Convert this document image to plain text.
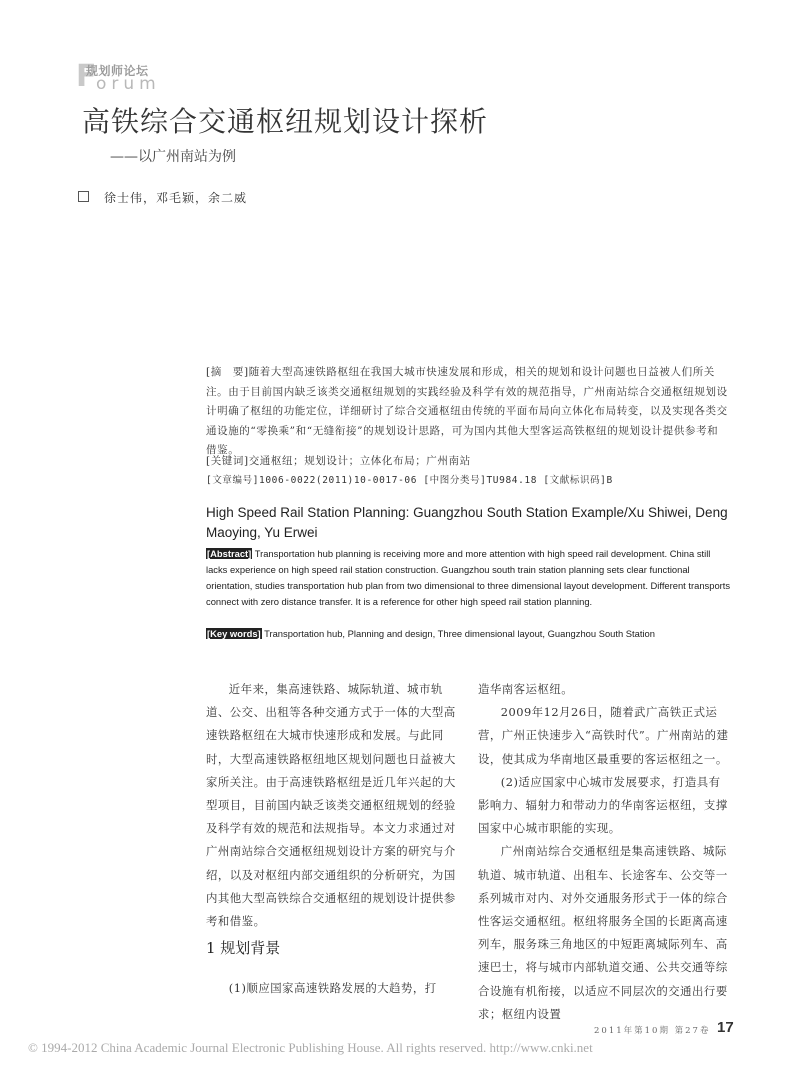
F
规划师论坛
orum
高铁综合交通枢纽规划设计探析
——以广州南站为例
徐士伟，邓毛颖，余二威
[摘　要]随着大型高速铁路枢纽在我国大城市快速发展和形成，相关的规划和设计问题也日益被人们所关注。由于目前国内缺乏该类交通枢纽规划的实践经验及科学有效的规范指导，广州南站综合交通枢纽规划设计明确了枢纽的功能定位，详细研讨了综合交通枢纽由传统的平面布局向立体化布局转变，以及实现各类交通设施的“零换乘”和“无缝衔接”的规划设计思路，可为国内其他大型客运高铁枢纽的规划设计提供参考和借鉴。
[关键词]交通枢纽；规划设计；立体化布局；广州南站
[文章编号]1006-0022(2011)10-0017-06 [中图分类号]TU984.18 [文献标识码]B
High Speed Rail Station Planning: Guangzhou South Station Example/Xu Shiwei, Deng Maoying, Yu Erwei
[Abstract] Transportation hub planning is receiving more and more attention with high speed rail development. China still lacks experience on high speed rail station construction. Guangzhou south train station planning sets clear functional orientation, studies transportation hub plan from two dimensional to three dimensional layout development. Different transports connect with zero distance transfer. It is a reference for other high speed rail station planning.
[Key words] Transportation hub, Planning and design, Three dimensional layout, Guangzhou South Station

近年来，集高速铁路、城际轨道、城市轨道、公交、出租等各种交通方式于一体的大型高速铁路枢纽在大城市快速形成和发展。与此同时，大型高速铁路枢纽地区规划问题也日益被大家所关注。由于高速铁路枢纽是近几年兴起的大型项目，目前国内缺乏该类交通枢纽规划的经验及科学有效的规范和法规指导。本文力求通过对广州南站综合交通枢纽规划设计方案的研究与介绍，以及对枢纽内部交通组织的分析研究，为国内其他大型高铁综合交通枢纽的规划设计提供参考和借鉴。

1 规划背景

(1)顺应国家高速铁路发展的大趋势，打

造华南客运枢纽。

2009年12月26日，随着武广高铁正式运营，广州正快速步入“高铁时代”。广州南站的建设，使其成为华南地区最重要的客运枢纽之一。

(2)适应国家中心城市发展要求，打造具有影响力、辐射力和带动力的华南客运枢纽，支撑国家中心城市职能的实现。

广州南站综合交通枢纽是集高速铁路、城际轨道、城市轨道、出租车、长途客车、公交等一系列城市对内、对外交通服务形式于一体的综合性客运交通枢纽。枢纽将服务全国的长距离高速列车，服务珠三角地区的中短距离城际列车、高速巴士，将与城市内部轨道交通、公共交通等综合设施有机衔接，以适应不同层次的交通出行要求；枢纽内设置

2011年第10期 第27卷 17
© 1994-2012 China Academic Journal Electronic Publishing House. All rights reserved. http://www.cnki.net
